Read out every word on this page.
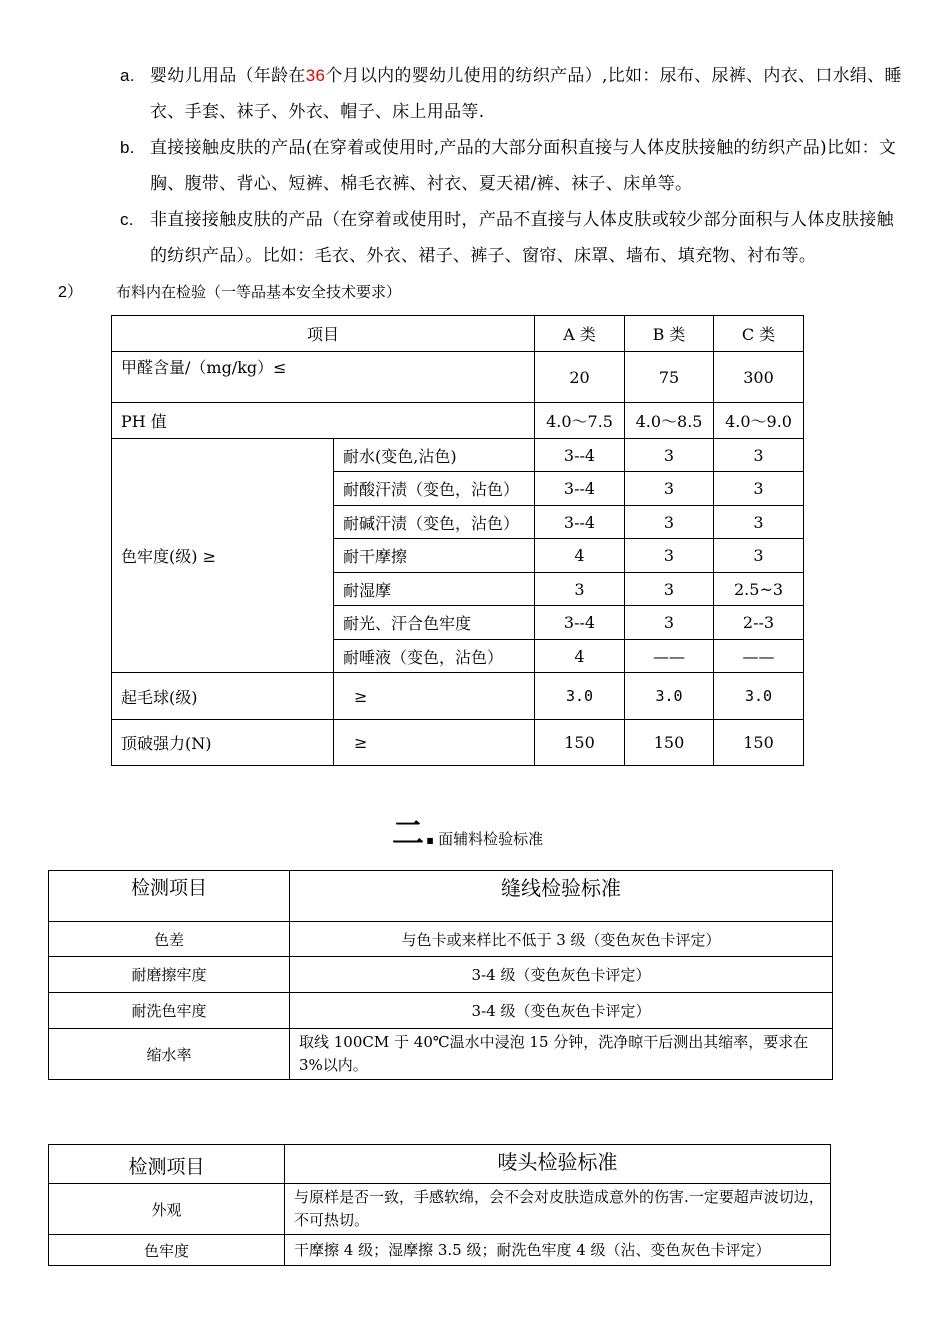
a. 婴幼儿用品（年龄在36个月以内的婴幼儿使用的纺织产品）,比如：尿布、尿裤、内衣、口水绢、睡衣、手套、袜子、外衣、帽子、床上用品等.
b. 直接接触皮肤的产品(在穿着或使用时,产品的大部分面积直接与人体皮肤接触的纺织产品)比如：文胸、腹带、背心、短裤、棉毛衣裤、衬衣、夏天裙/裤、袜子、床单等。
c. 非直接接触皮肤的产品（在穿着或使用时，产品不直接与人体皮肤或较少部分面积与人体皮肤接触的纺织产品）。比如：毛衣、外衣、裙子、裤子、窗帘、床罩、墙布、填充物、衬布等。
2） 布料内在检验（一等品基本安全技术要求）
项目		A 类	B 类	C 类
甲醛含量/（mg/kg）≤		20	75	300
PH 值		4.0～7.5	4.0～8.5	4.0～9.0
色牢度(级) ≥	耐水(变色,沾色)	3--4	3	3
	耐酸汗渍（变色，沾色）	3--4	3	3
	耐碱汗渍（变色，沾色）	3--4	3	3
	耐干摩擦	4	3	3
	耐湿摩	3	3	2.5~3
	耐光、汗合色牢度	3--4	3	2--3
	耐唾液（变色，沾色）	4	——	——
起毛球(级)	≥	3.0	3.0	3.0
顶破强力(N)	≥	150	150	150
二. 面辅料检验标准
检测项目	缝线检验标准
色差	与色卡或来样比不低于 3 级（变色灰色卡评定）
耐磨擦牢度	3-4 级（变色灰色卡评定）
耐洗色牢度	3-4 级（变色灰色卡评定）
缩水率	取线 100CM 于 40℃温水中浸泡 15 分钟，洗净晾干后测出其缩率，要求在 3%以内。
检测项目	唛头检验标准
外观	与原样是否一致，手感软绵，会不会对皮肤造成意外的伤害.一定要超声波切边，不可热切。
色牢度	干摩擦 4 级；湿摩擦 3.5 级；耐洗色牢度 4 级（沾、变色灰色卡评定）
